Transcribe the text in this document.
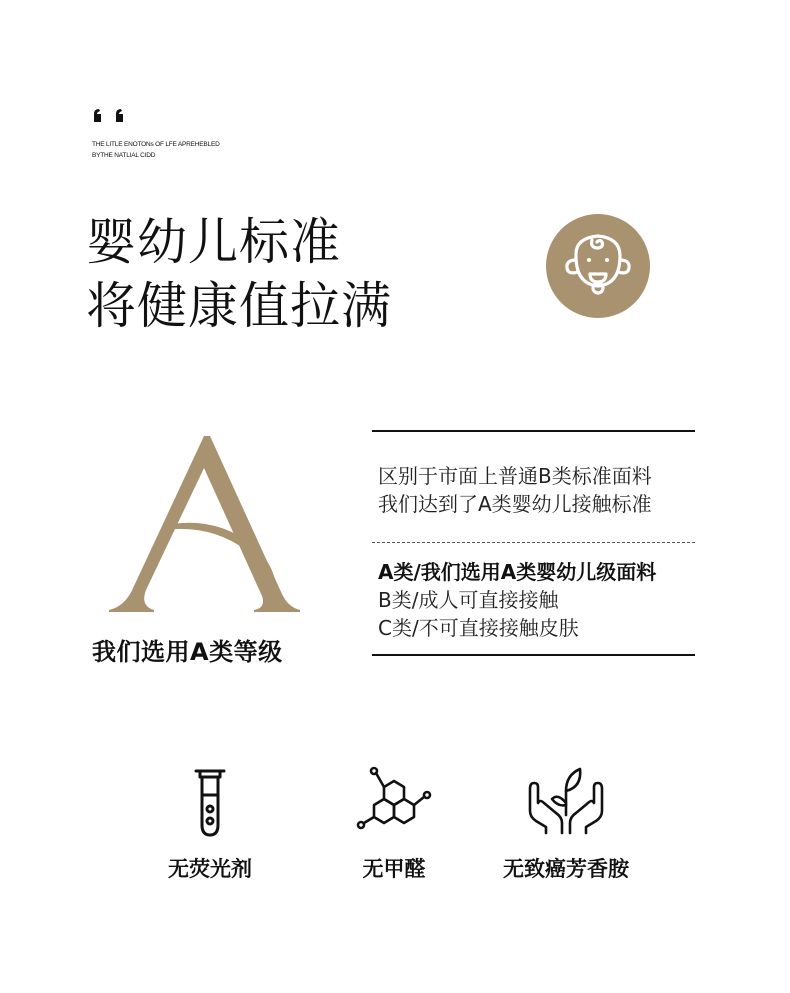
THE LITLE ENOTONs OF LFE APREHEBLED
BYTHE NATLIAL CIDD
婴幼儿标准
将健康值拉满
我们选用A类等级
区别于市面上普通B类标准面料
我们达到了A类婴幼儿接触标准
A类/我们选用A类婴幼儿级面料
B类/成人可直接接触
C类/不可直接接触皮肤
无荧光剂	无甲醛	无致癌芳香胺
